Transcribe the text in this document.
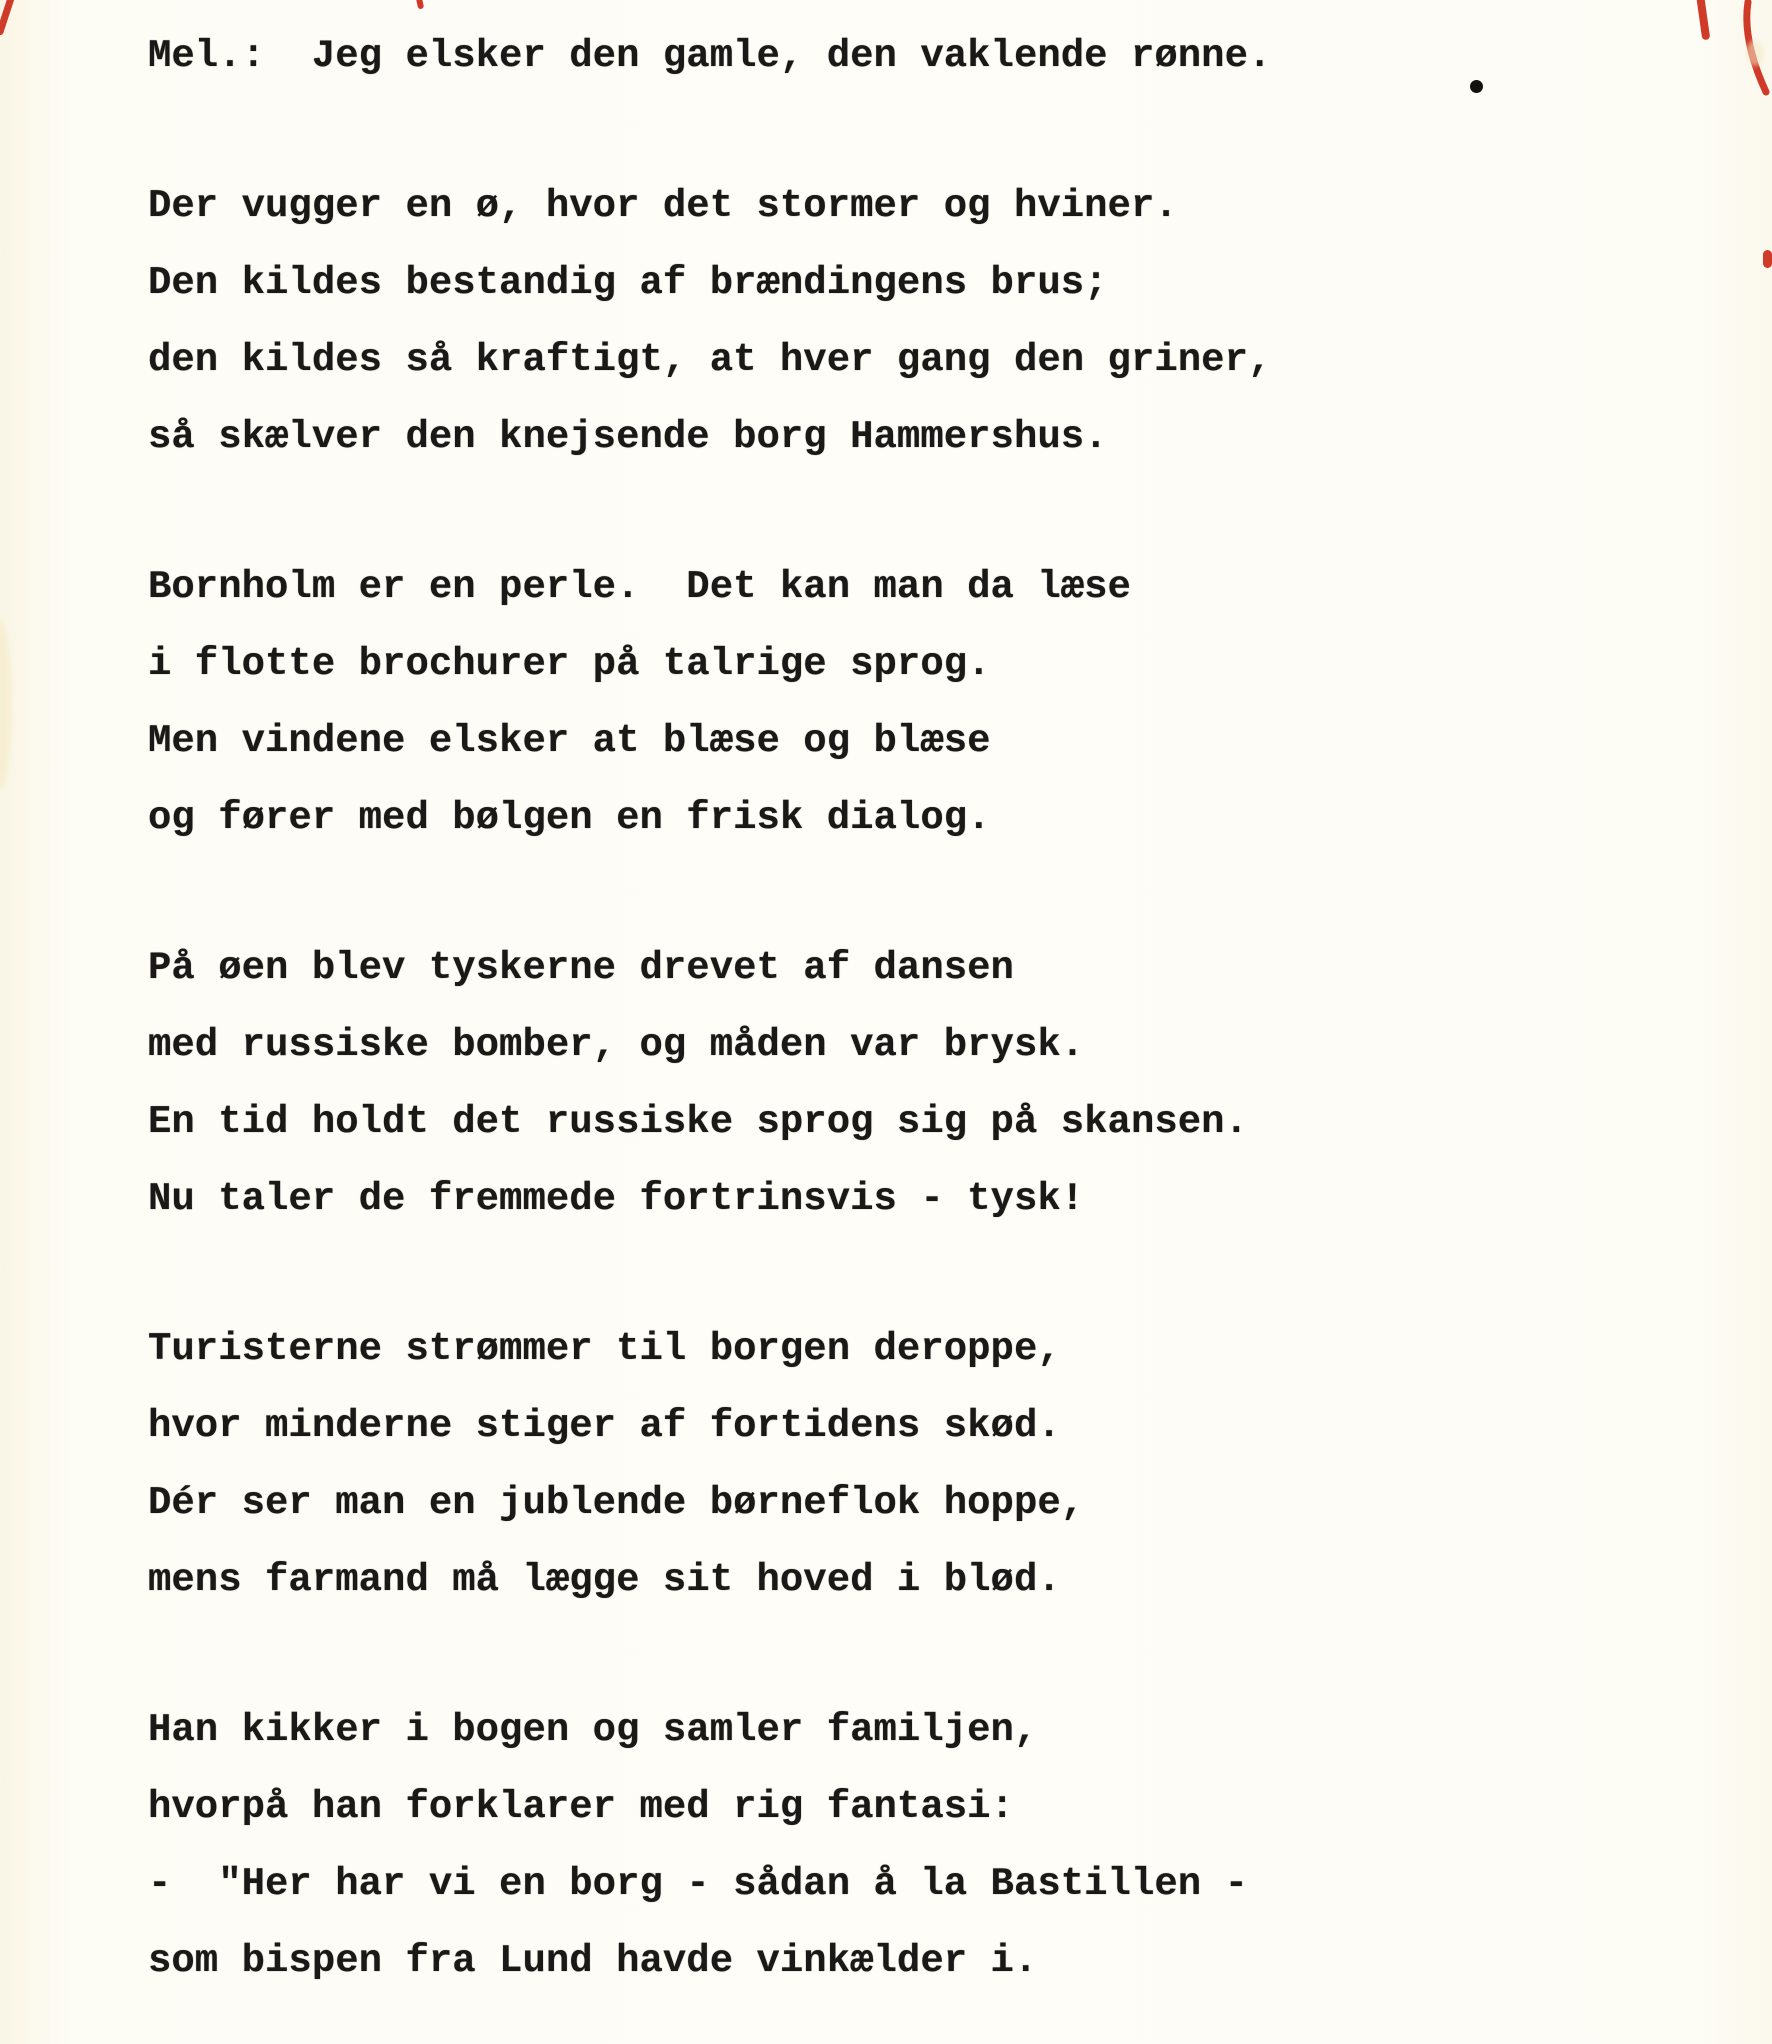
Mel.:  Jeg elsker den gamle, den vaklende rønne.
Der vugger en ø, hvor det stormer og hviner.
Den kildes bestandig af brændingens brus;
den kildes så kraftigt, at hver gang den griner,
så skælver den knejsende borg Hammershus.
Bornholm er en perle.  Det kan man da læse
i flotte brochurer på talrige sprog.
Men vindene elsker at blæse og blæse
og fører med bølgen en frisk dialog.
På øen blev tyskerne drevet af dansen
med russiske bomber, og måden var brysk.
En tid holdt det russiske sprog sig på skansen.
Nu taler de fremmede fortrinsvis - tysk!
Turisterne strømmer til borgen deroppe,
hvor minderne stiger af fortidens skød.
Dér ser man en jublende børneflok hoppe,
mens farmand må lægge sit hoved i blød.
Han kikker i bogen og samler familjen,
hvorpå han forklarer med rig fantasi:
-  "Her har vi en borg - sådan å la Bastillen -
som bispen fra Lund havde vinkælder i.
